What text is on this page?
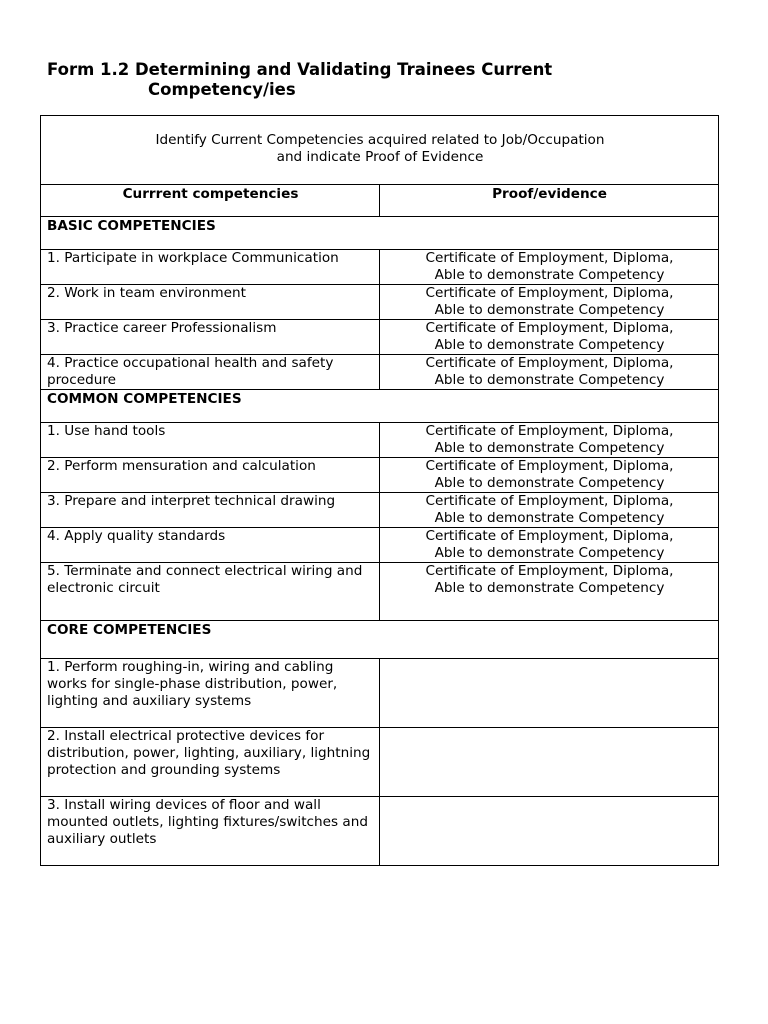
Form 1.2 Determining and Validating Trainees Current
Competency/ies
Identify Current Competencies acquired related to Job/Occupation
and indicate Proof of Evidence	

Currrent competencies	Proof/evidence

BASIC COMPETENCIES	

1. Participate in workplace Communication	Certificate of Employment, Diploma,
Able to demonstrate Competency

2. Work in team environment	Certificate of Employment, Diploma,
Able to demonstrate Competency

3. Practice career Professionalism	Certificate of Employment, Diploma,
Able to demonstrate Competency

4. Practice occupational health and safety procedure	Certificate of Employment, Diploma,
Able to demonstrate Competency

COMMON COMPETENCIES	

1. Use hand tools	Certificate of Employment, Diploma,
Able to demonstrate Competency

2. Perform mensuration and calculation	Certificate of Employment, Diploma,
Able to demonstrate Competency

3. Prepare and interpret technical drawing	Certificate of Employment, Diploma,
Able to demonstrate Competency

4. Apply quality standards	Certificate of Employment, Diploma,
Able to demonstrate Competency

5. Terminate and connect electrical wiring and electronic circuit	Certificate of Employment, Diploma,
Able to demonstrate Competency

CORE COMPETENCIES	

1. Perform roughing-in, wiring and cabling works for single-phase distribution, power, lighting and auxiliary systems	

2. Install electrical protective devices for distribution, power, lighting, auxiliary, lightning protection and grounding systems	

3. Install wiring devices of floor and wall mounted outlets, lighting fixtures/switches and auxiliary outlets	
